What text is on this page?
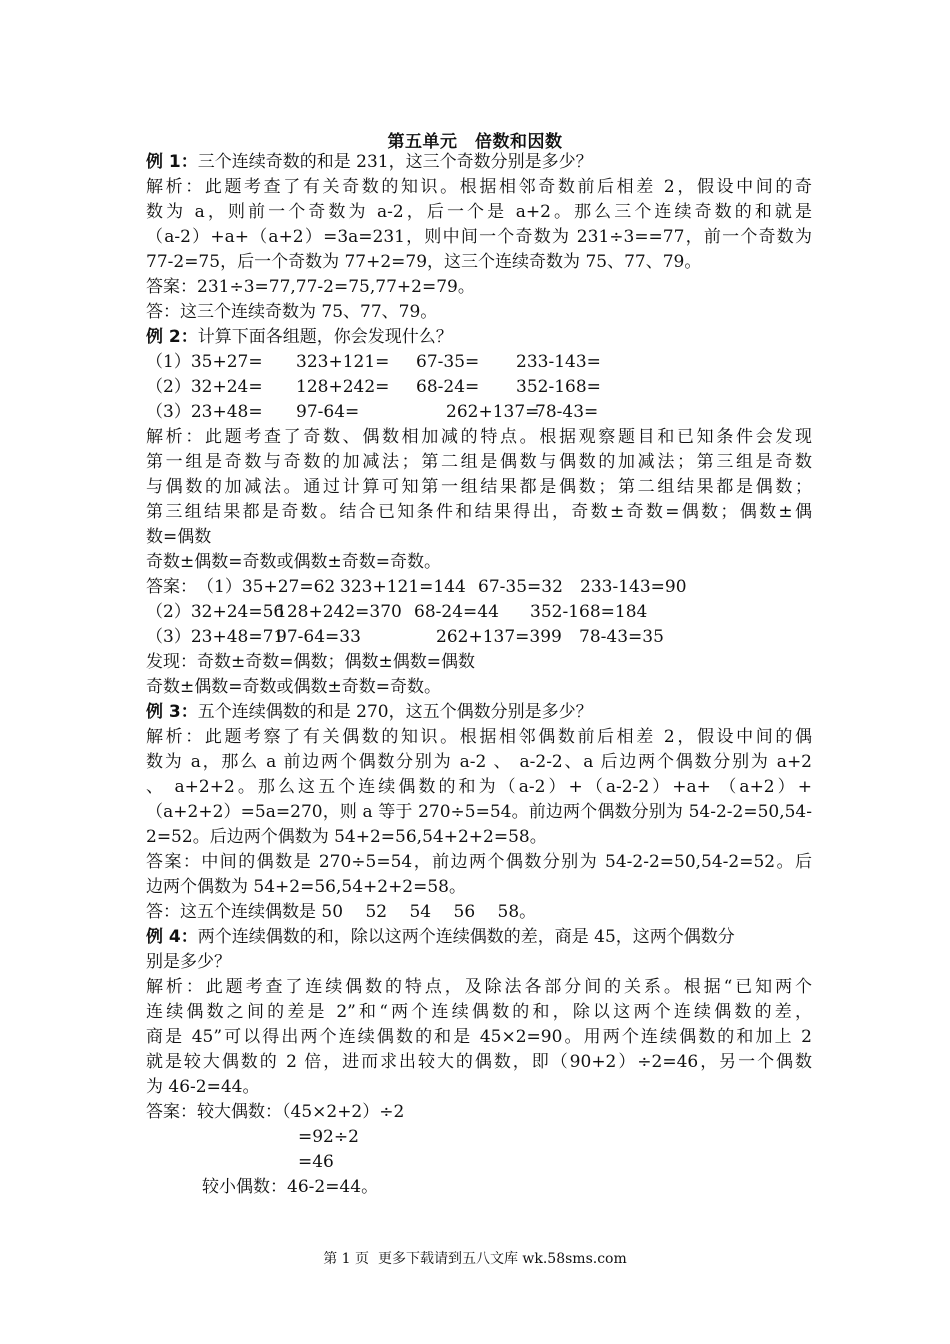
第五单元　倍数和因数
例 1：三个连续奇数的和是 231，这三个奇数分别是多少？
解析：此题考查了有关奇数的知识。根据相邻奇数前后相差 2，假设中间的奇
数为 a，则前一个奇数为 a-2，后一个是 a+2。那么三个连续奇数的和就是
（a-2）+a+（a+2）=3a=231，则中间一个奇数为 231÷3==77，前一个奇数为
77-2=75，后一个奇数为 77+2=79，这三个连续奇数为 75、77、79。
答案：231÷3=77,77-2=75,77+2=79。
答：这三个连续奇数为 75、77、79。
例 2：计算下面各组题，你会发现什么？
（1）35+27= 323+121= 67-35= 233-143=
（2）32+24= 128+242= 68-24= 352-168=
（3）23+48= 97-64=	262+137=78-43=
解析：此题考查了奇数、偶数相加减的特点。根据观察题目和已知条件会发现
第一组是奇数与奇数的加减法；第二组是偶数与偶数的加减法；第三组是奇数
与偶数的加减法。通过计算可知第一组结果都是偶数；第二组结果都是偶数；
第三组结果都是奇数。结合已知条件和结果得出，奇数±奇数=偶数；偶数±偶
数=偶数
奇数±偶数=奇数或偶数±奇数=奇数。
答案：（1）35+27=62 323+121=144 67-35=32 233-143=90
（2）32+24=56128+242=370 68-24=44 352-168=184
（3）23+48=7197-64=33	262+137=399 78-43=35
发现：奇数±奇数=偶数；偶数±偶数=偶数
奇数±偶数=奇数或偶数±奇数=奇数。
例 3：五个连续偶数的和是 270，这五个偶数分别是多少？
解析：此题考察了有关偶数的知识。根据相邻偶数前后相差 2，假设中间的偶
数为 a，那么 a 前边两个偶数分别为 a-2 、 a-2-2、a 后边两个偶数分别为 a+2
、 a+2+2。那么这五个连续偶数的和为（a-2）+（a-2-2）+a+ （a+2）+
（a+2+2）=5a=270，则 a 等于 270÷5=54。前边两个偶数分别为 54-2-2=50,54-
2=52。后边两个偶数为 54+2=56,54+2+2=58。
答案：中间的偶数是 270÷5=54，前边两个偶数分别为 54-2-2=50,54-2=52。后
边两个偶数为 54+2=56,54+2+2=58。
答：这五个连续偶数是 50　 52　 54　 56　 58。
例 4：两个连续偶数的和，除以这两个连续偶数的差，商是 45，这两个偶数分
别是多少？
解析：此题考查了连续偶数的特点，及除法各部分间的关系。根据“已知两个
连续偶数之间的差是 2”和“两个连续偶数的和，除以这两个连续偶数的差，
商是 45”可以得出两个连续偶数的和是 45×2=90。用两个连续偶数的和加上 2
就是较大偶数的 2 倍，进而求出较大的偶数，即（90+2）÷2=46，另一个偶数
为 46-2=44。
答案：较大偶数：（45×2+2）÷2
=92÷2
=46
较小偶数：46-2=44。
第 1 页  更多下载请到五八文库 wk.58sms.com
